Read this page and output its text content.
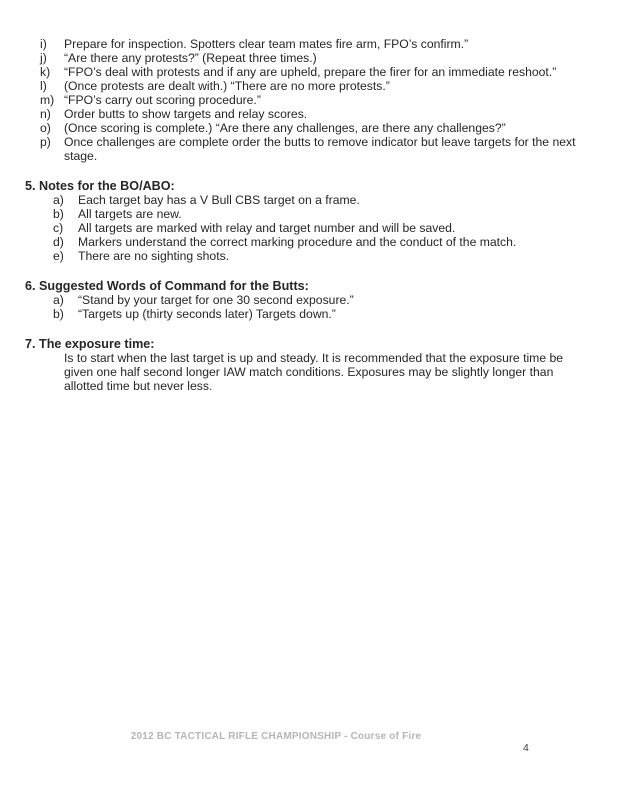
i)	Prepare for inspection. Spotters clear team mates fire arm, FPO’s confirm.”
j)	“Are there any protests?” (Repeat three times.)
k)	“FPO’s deal with protests and if any are upheld, prepare the firer for an immediate reshoot.”
l)	(Once protests are dealt with.) “There are no more protests.”
m) “FPO’s carry out scoring procedure.”
n)	Order butts to show targets and relay scores.
o)	(Once scoring is complete.) “Are there any challenges, are there any challenges?”
p)	Once challenges are complete order the butts to remove indicator but leave targets for the next stage.
5. Notes for the BO/ABO:
a)	Each target bay has a V Bull CBS target on a frame.
b)	All targets are new.
c)	All targets are marked with relay and target number and will be saved.
d)	Markers understand the correct marking procedure and the conduct of the match.
e)	There are no sighting shots.
6. Suggested Words of Command for the Butts:
a)	“Stand by your target for one 30 second exposure.”
b)	“Targets up (thirty seconds later) Targets down.”
7. The exposure time:

Is to start when the last target is up and steady. It is recommended that the exposure time be given one half second longer IAW match conditions. Exposures may be slightly longer than allotted time but never less.

2012 BC TACTICAL RIFLE CHAMPIONSHIP - Course of Fire
4
